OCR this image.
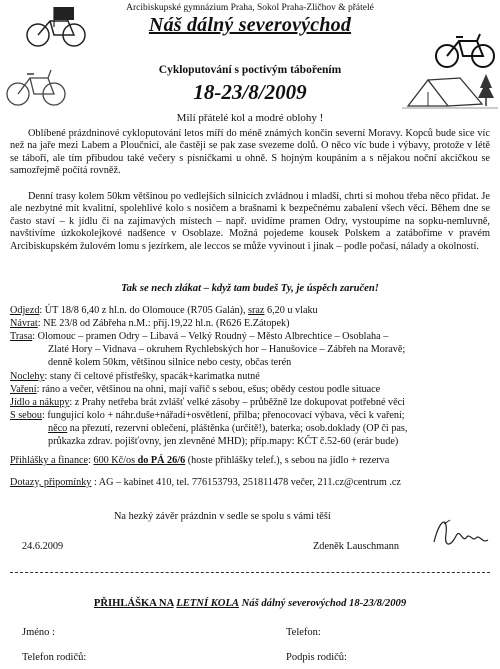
Arcibiskupské gymnázium Praha, Sokol Praha-Zličhov & přátelé
Náš dálný severovýchod
Cykloputování s poctivým tábořením
18-23/8/2009
Milí přátelé kol a modré oblohy !
Oblíbené prázdninové cykloputování letos míří do méně známých končin severní Moravy. Kopců bude sice víc než na jaře mezi Labem a Ploučnicí, ale častěji se pak zase svezeme dolů. O něco víc bude i výbavy, protože v létě se táboří, ale tím přibudou také večery s písničkami u ohně. S hojným koupáním a s nějakou noční akcičkou se samozřejmě počítá rovněž.
Denní trasy kolem 50km většinou po vedlejších silnicích zvládnou i mladší, chrti si mohou třeba něco přidat. Je ale nezbytné mít kvalitní, spolehlivé kolo s nosičem a brašnami k bezpečnému zabalení všech věcí. Během dne se často staví – k jídlu či na zajímavých místech – např. uvidíme pramen Odry, vystoupíme na sopku-nemluvně, navštívíme úzkokolejkové nadšence v Osoblaze. Možná pojedeme kousek Polskem a zatáboříme v pravém Arcibiskupském žulovém lomu s jezírkem, ale leccos se může vyvinout i jinak – podle počasí, nálady a okolností.
Tak se nech zlákat – když tam budeš Ty, je úspěch zaručen!
Odjezd: ÚT 18/8 6,40 z hl.n. do Olomouce (R705 Galán), sraz 6,20 u vlaku
Návrat: NE 23/8 od Zábřeha n.M.: příj.19,22 hl.n. (R626 E.Zátopek)
Trasa: Olomouc – pramen Odry – Libavá – Velký Roudný – Město Albrechtice – Osoblaha –
Zlaté Hory – Vidnava – okruhem Rychlebských hor – Hanušovice – Zábřeh na Moravě;
denně kolem 50km, většinou silnice nebo cesty, občas terén
Noclehy: stany či celtové přístřešky, spacák+karimatka nutné
Vaření: ráno a večer, většinou na ohni, mají vařič s sebou, ešus; obědy cestou podle situace
Jídlo a nákupy: z Prahy netřeba brát zvlášť velké zásoby – průběžně lze dokupovat potřebné věci
S sebou: fungující kolo + náhr.duše+nářadí+osvětlení, přilba; přenocovací výbava, věci k vaření;
něco na přezutí, rezervní oblečení, pláštěnka (určitě!), baterka; osob.doklady (OP či pas,
průkazka zdrav. pojišťovny, jen zlevněné MHD); příp.mapy: KČT č.52-60 (erár bude)
Přihlášky a finance: 600 Kč/os do PÁ 26/6 (hoste přihlášky telef.), s sebou na jídlo + rezerva
Dotazy, připomínky : AG – kabinet 410, tel. 776153793, 251811478 večer, 211.cz@centrum .cz
Na hezký závěr prázdnin v sedle se spolu s vámi těší
24.6.2009	Zdeněk Lauschmann
PŘIHLÁŠKA NA LETNÍ KOLA Náš dálný severovýchod 18-23/8/2009
Jméno :	Telefon:
Telefon rodičů:	Podpis rodičů:
